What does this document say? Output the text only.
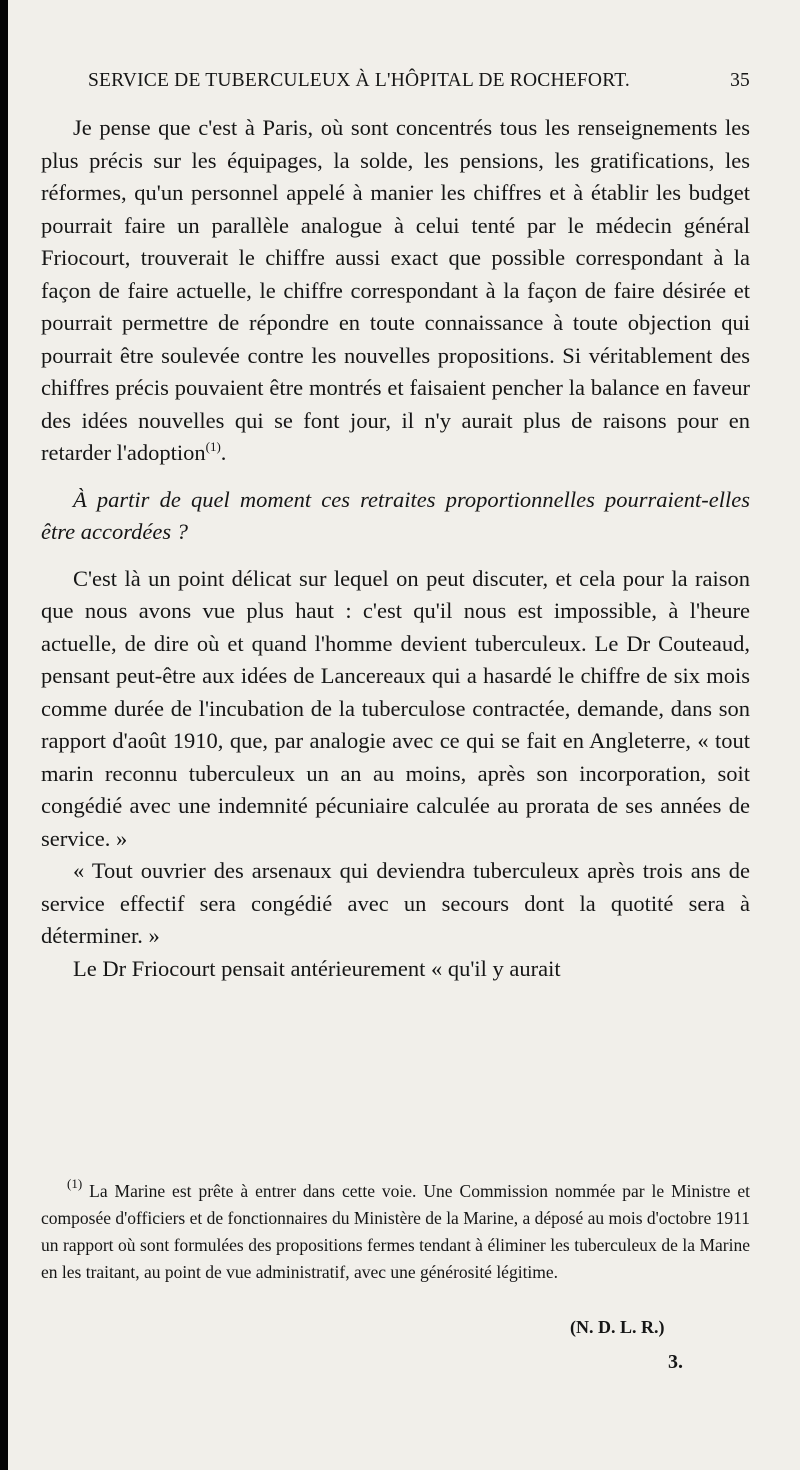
SERVICE DE TUBERCULEUX À L'HÔPITAL DE ROCHEFORT.	35

Je pense que c'est à Paris, où sont concentrés tous les renseignements les plus précis sur les équipages, la solde, les pensions, les gratifications, les réformes, qu'un personnel appelé à manier les chiffres et à établir les budget pourrait faire un parallèle analogue à celui tenté par le médecin général Friocourt, trouverait le chiffre aussi exact que possible correspondant à la façon de faire actuelle, le chiffre correspondant à la façon de faire désirée et pourrait permettre de répondre en toute connaissance à toute objection qui pourrait être soulevée contre les nouvelles propositions. Si véritablement des chiffres précis pouvaient être montrés et faisaient pencher la balance en faveur des idées nouvelles qui se font jour, il n'y aurait plus de raisons pour en retarder l'adoption$^{(1)}$.

À partir de quel moment ces retraites proportionnelles pourraient-elles être accordées ?

C'est là un point délicat sur lequel on peut discuter, et cela pour la raison que nous avons vue plus haut : c'est qu'il nous est impossible, à l'heure actuelle, de dire où et quand l'homme devient tuberculeux. Le Dr Couteaud, pensant peut-être aux idées de Lancereaux qui a hasardé le chiffre de six mois comme durée de l'incubation de la tuberculose contractée, demande, dans son rapport d'août 1910, que, par analogie avec ce qui se fait en Angleterre, « tout marin reconnu tuberculeux un an au moins, après son incorporation, soit congédié avec une indemnité pécuniaire calculée au prorata de ses années de service. »

« Tout ouvrier des arsenaux qui deviendra tuberculeux après trois ans de service effectif sera congédié avec un secours dont la quotité sera à déterminer. »

Le Dr Friocourt pensait antérieurement « qu'il y aurait

$^{(1)}$ La Marine est prête à entrer dans cette voie. Une Commission nommée par le Ministre et composée d'officiers et de fonctionnaires du Ministère de la Marine, a déposé au mois d'octobre 1911 un rapport où sont formulées des propositions fermes tendant à éliminer les tuberculeux de la Marine en les traitant, au point de vue administratif, avec une générosité légitime.

(N. D. L. R.)
3.
